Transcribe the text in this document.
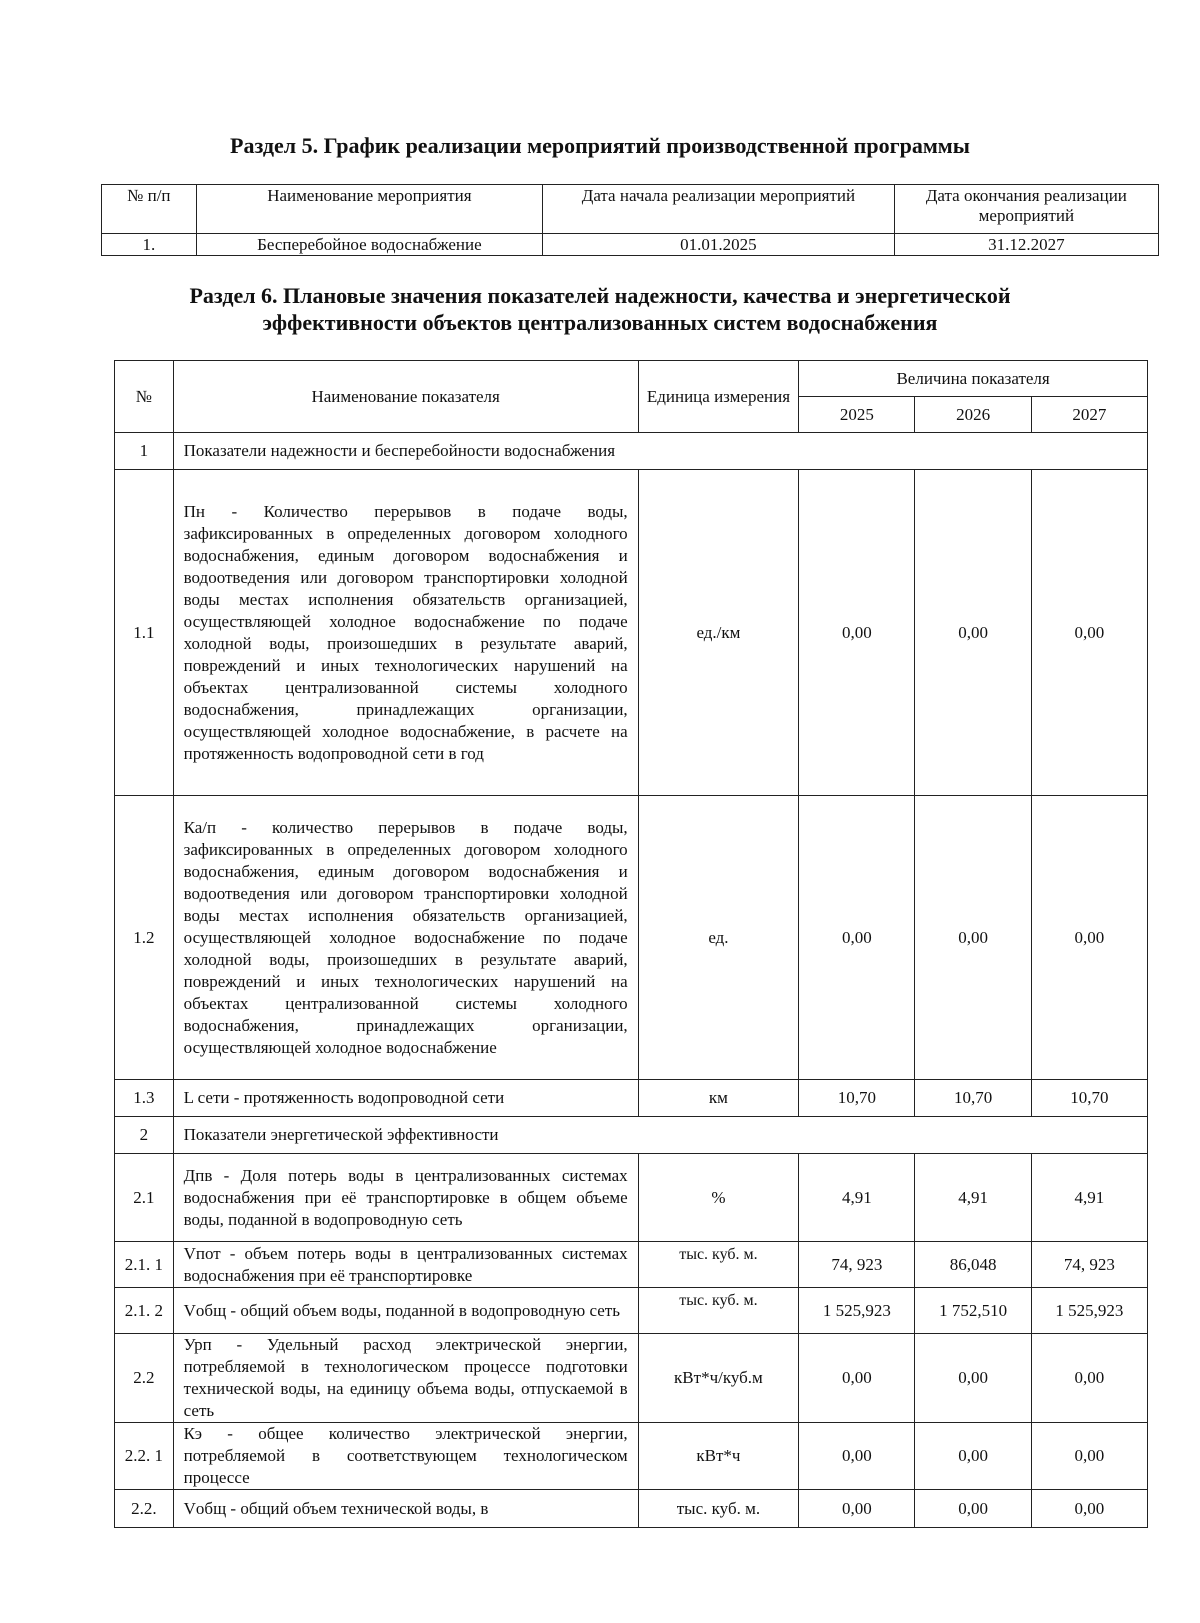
Раздел 5. График реализации мероприятий производственной программы
№ п/п	Наименование мероприятия	Дата начала реализации мероприятий	Дата окончания реализации мероприятий
1.	Бесперебойное водоснабжение	01.01.2025	31.12.2027
Раздел 6. Плановые значения показателей надежности, качества и энергетической
эффективности объектов централизованных систем водоснабжения
№	Наименование показателя	Единица измерения	Величина показателя		
			2025	2026	2027
1	Показатели надежности и бесперебойности водоснабжения				
1.1	Пн - Количество перерывов в подаче воды, зафиксированных в определенных договором холодного водоснабжения, единым договором водоснабжения и водоотведения или договором транспортировки холодной воды местах исполнения обязательств организацией, осуществляющей холодное водоснабжение по подаче холодной воды, произошедших в результате аварий, повреждений и иных технологических нарушений на объектах централизованной системы холодного водоснабжения, принадлежащих организации, осуществляющей холодное водоснабжение, в расчете на протяженность водопроводной сети в год	ед./км	0,00	0,00	0,00
1.2	Ка/п - количество перерывов в подаче воды, зафиксированных в определенных договором холодного водоснабжения, единым договором водоснабжения и водоотведения или договором транспортировки холодной воды местах исполнения обязательств организацией, осуществляющей холодное водоснабжение по подаче холодной воды, произошедших в результате аварий, повреждений и иных технологических нарушений на объектах централизованной системы холодного водоснабжения, принадлежащих организации, осуществляющей холодное водоснабжение	ед.	0,00	0,00	0,00
1.3	L сети - протяженность водопроводной сети	км	10,70	10,70	10,70
2	Показатели энергетической эффективности				
2.1	Дпв - Доля потерь воды в централизованных системах водоснабжения при её транспортировке в общем объеме воды, поданной в водопроводную сеть	%	4,91	4,91	4,91
2.1. 1	Vпот - объем потерь воды в централизованных системах водоснабжения при её транспортировке	тыс. куб. м.	74, 923	86,048	74, 923
2.1. 2	Vобщ - общий объем воды, поданной в водопроводную сеть	тыс. куб. м.	1 525,923	1 752,510	1 525,923
2.2	Урп - Удельный расход электрической энергии, потребляемой в технологическом процессе подготовки технической воды, на единицу объема воды, отпускаемой в сеть	кВт*ч/куб.м	0,00	0,00	0,00
2.2. 1	Кэ - общее количество электрической энергии, потребляемой в соответствующем технологическом процессе	кВт*ч	0,00	0,00	0,00
2.2.	Vобщ - общий объем технической воды, в	тыс. куб. м.	0,00	0,00	0,00
